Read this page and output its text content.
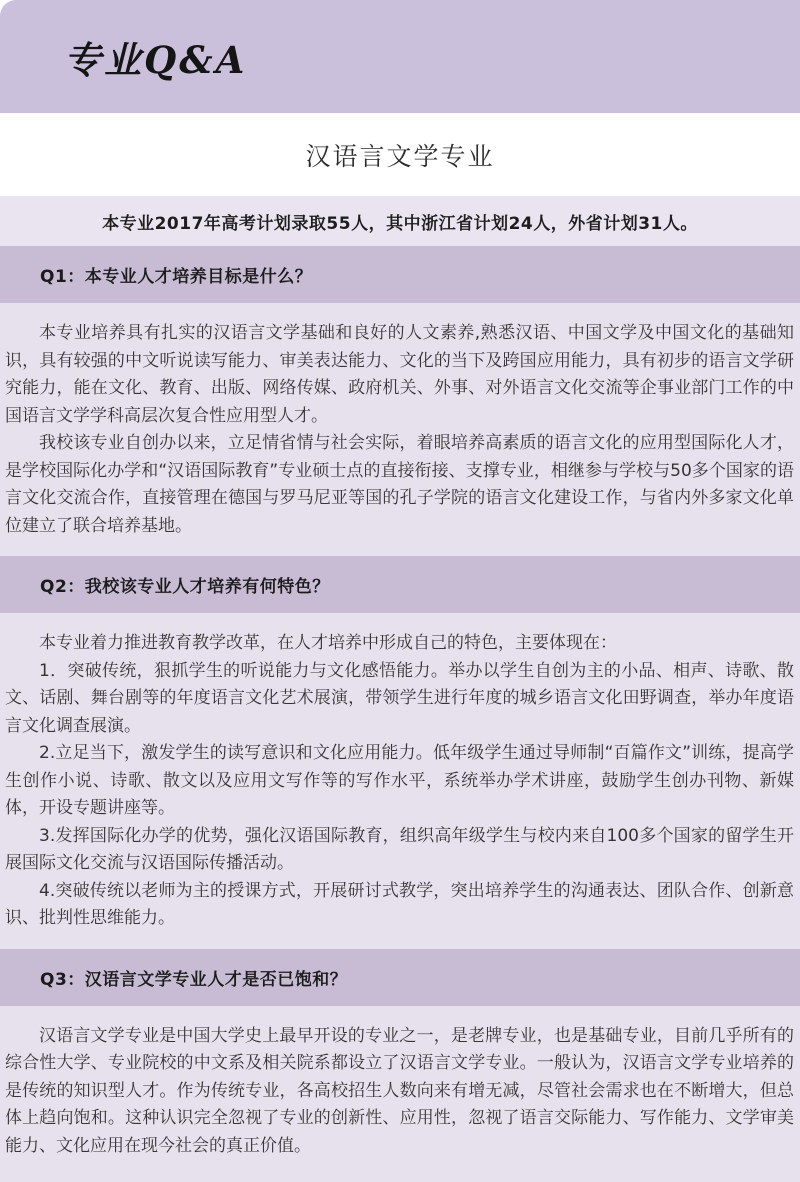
专业Q&A
汉语言文学专业
本专业2017年高考计划录取55人，其中浙江省计划24人，外省计划31人。
Q1：本专业人才培养目标是什么？

本专业培养具有扎实的汉语言文学基础和良好的人文素养,熟悉汉语、中国文学及中国文化的基础知识，具有较强的中文听说读写能力、审美表达能力、文化的当下及跨国应用能力，具有初步的语言文学研究能力，能在文化、教育、出版、网络传媒、政府机关、外事、对外语言文化交流等企事业部门工作的中国语言文学学科高层次复合性应用型人才。

我校该专业自创办以来，立足情省情与社会实际，着眼培养高素质的语言文化的应用型国际化人才，是学校国际化办学和“汉语国际教育”专业硕士点的直接衔接、支撑专业，相继参与学校与50多个国家的语言文化交流合作，直接管理在德国与罗马尼亚等国的孔子学院的语言文化建设工作，与省内外多家文化单位建立了联合培养基地。

Q2：我校该专业人才培养有何特色？

本专业着力推进教育教学改革，在人才培养中形成自己的特色，主要体现在：

1．突破传统，狠抓学生的听说能力与文化感悟能力。举办以学生自创为主的小品、相声、诗歌、散文、话剧、舞台剧等的年度语言文化艺术展演，带领学生进行年度的城乡语言文化田野调查，举办年度语言文化调查展演。

2.立足当下，激发学生的读写意识和文化应用能力。低年级学生通过导师制“百篇作文”训练，提高学生创作小说、诗歌、散文以及应用文写作等的写作水平，系统举办学术讲座，鼓励学生创办刊物、新媒体，开设专题讲座等。

3.发挥国际化办学的优势，强化汉语国际教育，组织高年级学生与校内来自100多个国家的留学生开展国际文化交流与汉语国际传播活动。

4.突破传统以老师为主的授课方式，开展研讨式教学，突出培养学生的沟通表达、团队合作、创新意识、批判性思维能力。

Q3：汉语言文学专业人才是否已饱和？

汉语言文学专业是中国大学史上最早开设的专业之一，是老牌专业，也是基础专业，目前几乎所有的综合性大学、专业院校的中文系及相关院系都设立了汉语言文学专业。一般认为，汉语言文学专业培养的是传统的知识型人才。作为传统专业，各高校招生人数向来有增无减，尽管社会需求也在不断增大，但总体上趋向饱和。这种认识完全忽视了专业的创新性、应用性，忽视了语言交际能力、写作能力、文学审美能力、文化应用在现今社会的真正价值。
